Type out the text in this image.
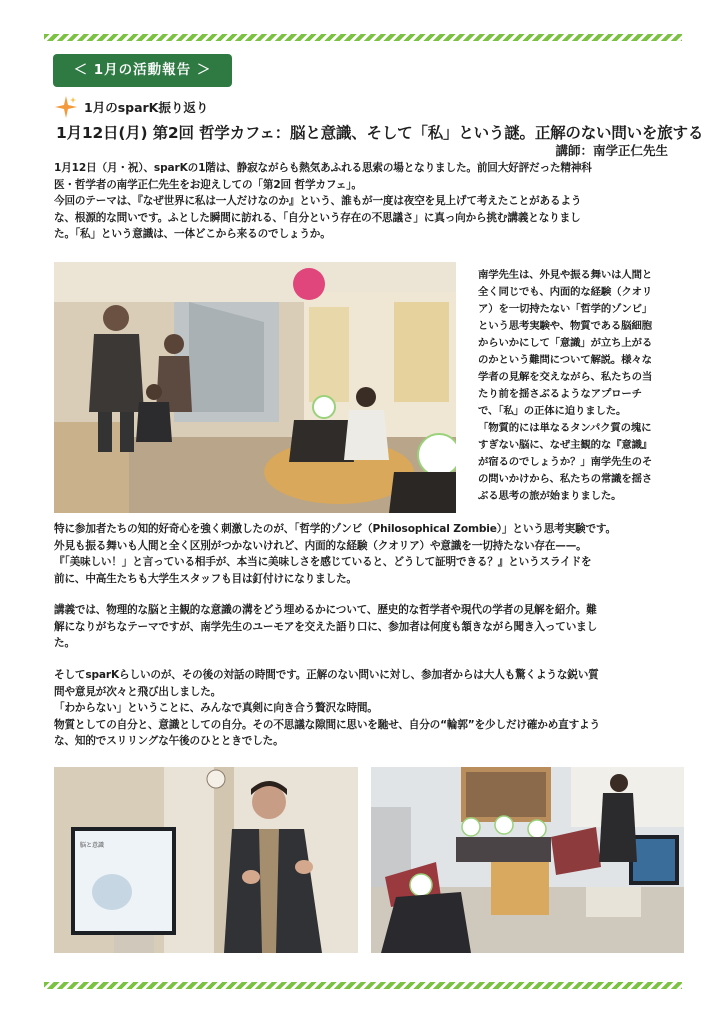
＜ 1月の活動報告 ＞
1月のsparK振り返り
1月12日(月) 第2回 哲学カフェ：脳と意識、そして「私」という謎。正解のない問いを旅する
講師：南学正仁先生

1月12日（月・祝）、sparKの1階は、静寂ながらも熱気あふれる思索の場となりました。前回大好評だった精神科
医・哲学者の南学正仁先生をお迎えしての「第2回 哲学カフェ」。
今回のテーマは、『なぜ世界に私は一人だけなのか』という、誰もが一度は夜空を見上げて考えたことがあるよう
な、根源的な問いです。ふとした瞬間に訪れる、「自分という存在の不思議さ」に真っ向から挑む講義となりまし
た。「私」という意識は、一体どこから来るのでしょうか。

南学先生は、外見や振る舞いは人間と
全く同じでも、内面的な経験（クオリ
ア）を一切持たない「哲学的ゾンビ」
という思考実験や、物質である脳細胞
からいかにして「意識」が立ち上がる
のかという難問について解説。様々な
学者の見解を交えながら、私たちの当
たり前を揺さぶるようなアプローチ
で、「私」の正体に迫りました。
「物質的には単なるタンパク質の塊に
すぎない脳に、なぜ主観的な『意識』
が宿るのでしょうか？」南学先生のそ
の問いかけから、私たちの常識を揺さ
ぶる思考の旅が始まりました。

特に参加者たちの知的好奇心を強く刺激したのが、「哲学的ゾンビ（Philosophical Zombie）」という思考実験です。
外見も振る舞いも人間と全く区別がつかないけれど、内面的な経験（クオリア）や意識を一切持たない存在——。
『「美味しい！」と言っている相手が、本当に美味しさを感じていると、どうして証明できる？』というスライドを
前に、中高生たちも大学生スタッフも目は釘付けになりました。

講義では、物理的な脳と主観的な意識の溝をどう埋めるかについて、歴史的な哲学者や現代の学者の見解を紹介。難
解になりがちなテーマですが、南学先生のユーモアを交えた語り口に、参加者は何度も頷きながら聞き入っていまし
た。

そしてsparKらしいのが、その後の対話の時間です。正解のない問いに対し、参加者からは大人も驚くような鋭い質
問や意見が次々と飛び出しました。
「わからない」ということに、みんなで真剣に向き合う贅沢な時間。
物質としての自分と、意識としての自分。その不思議な隙間に思いを馳せ、自分の“輪郭”を少しだけ確かめ直すよう
な、知的でスリリングな午後のひとときでした。

脳と意識
